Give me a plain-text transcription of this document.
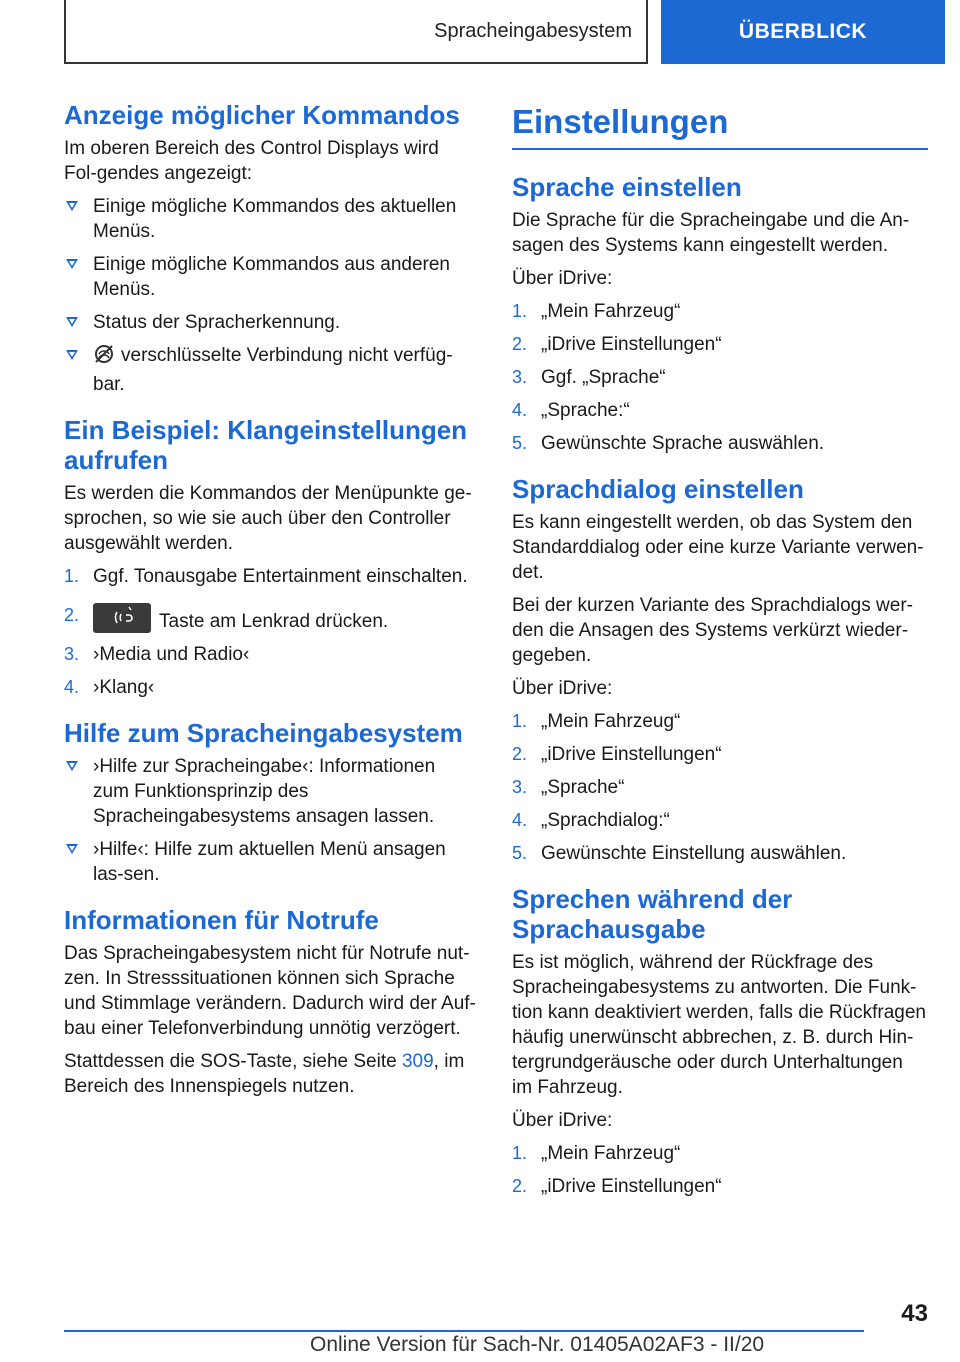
Spracheingabesystem	ÜBERBLICK
Anzeige möglicher Kommandos

Im oberen Bereich des Control Displays wird Fol-gendes angezeigt:

Einige mögliche Kommandos des aktuellen Menüs.
Einige mögliche Kommandos aus anderen Menüs.
Status der Spracherkennung.
verschlüsselte Verbindung nicht verfüg-bar.
Ein Beispiel: Klangeinstellungen aufrufen

Es werden die Kommandos der Menüpunkte ge-sprochen, so wie sie auch über den Controller ausgewählt werden.

1. Ggf. Tonausgabe Entertainment einschalten.
2.	Taste am Lenkrad drücken.
3. ›Media und Radio‹
4. ›Klang‹
Hilfe zum Spracheingabesystem
›Hilfe zur Spracheingabe‹: Informationen zum Funktionsprinzip des Spracheingabesystems ansagen lassen.
›Hilfe‹: Hilfe zum aktuellen Menü ansagen las-sen.
Informationen für Notrufe

Das Spracheingabesystem nicht für Notrufe nut-zen. In Stresssituationen können sich Sprache und Stimmlage verändern. Dadurch wird der Auf-bau einer Telefonverbindung unnötig verzögert.

Stattdessen die SOS-Taste, siehe Seite 309, im Bereich des Innenspiegels nutzen.

Einstellungen
Sprache einstellen

Die Sprache für die Spracheingabe und die An-sagen des Systems kann eingestellt werden.

Über iDrive:

1. „Mein Fahrzeug“
2. „iDrive Einstellungen“
3. Ggf. „Sprache“
4. „Sprache:“
5. Gewünschte Sprache auswählen.
Sprachdialog einstellen

Es kann eingestellt werden, ob das System den Standarddialog oder eine kurze Variante verwen-det.

Bei der kurzen Variante des Sprachdialogs wer-den die Ansagen des Systems verkürzt wieder-gegeben.

Über iDrive:

1. „Mein Fahrzeug“
2. „iDrive Einstellungen“
3. „Sprache“
4. „Sprachdialog:“
5. Gewünschte Einstellung auswählen.
Sprechen während der Sprachausgabe

Es ist möglich, während der Rückfrage des Spracheingabesystems zu antworten. Die Funk-tion kann deaktiviert werden, falls die Rückfragen häufig unerwünscht abbrechen, z. B. durch Hin-tergrundgeräusche oder durch Unterhaltungen im Fahrzeug.

Über iDrive:

1. „Mein Fahrzeug“
2. „iDrive Einstellungen“
43
Online Version für Sach-Nr. 01405A02AF3 - II/20
